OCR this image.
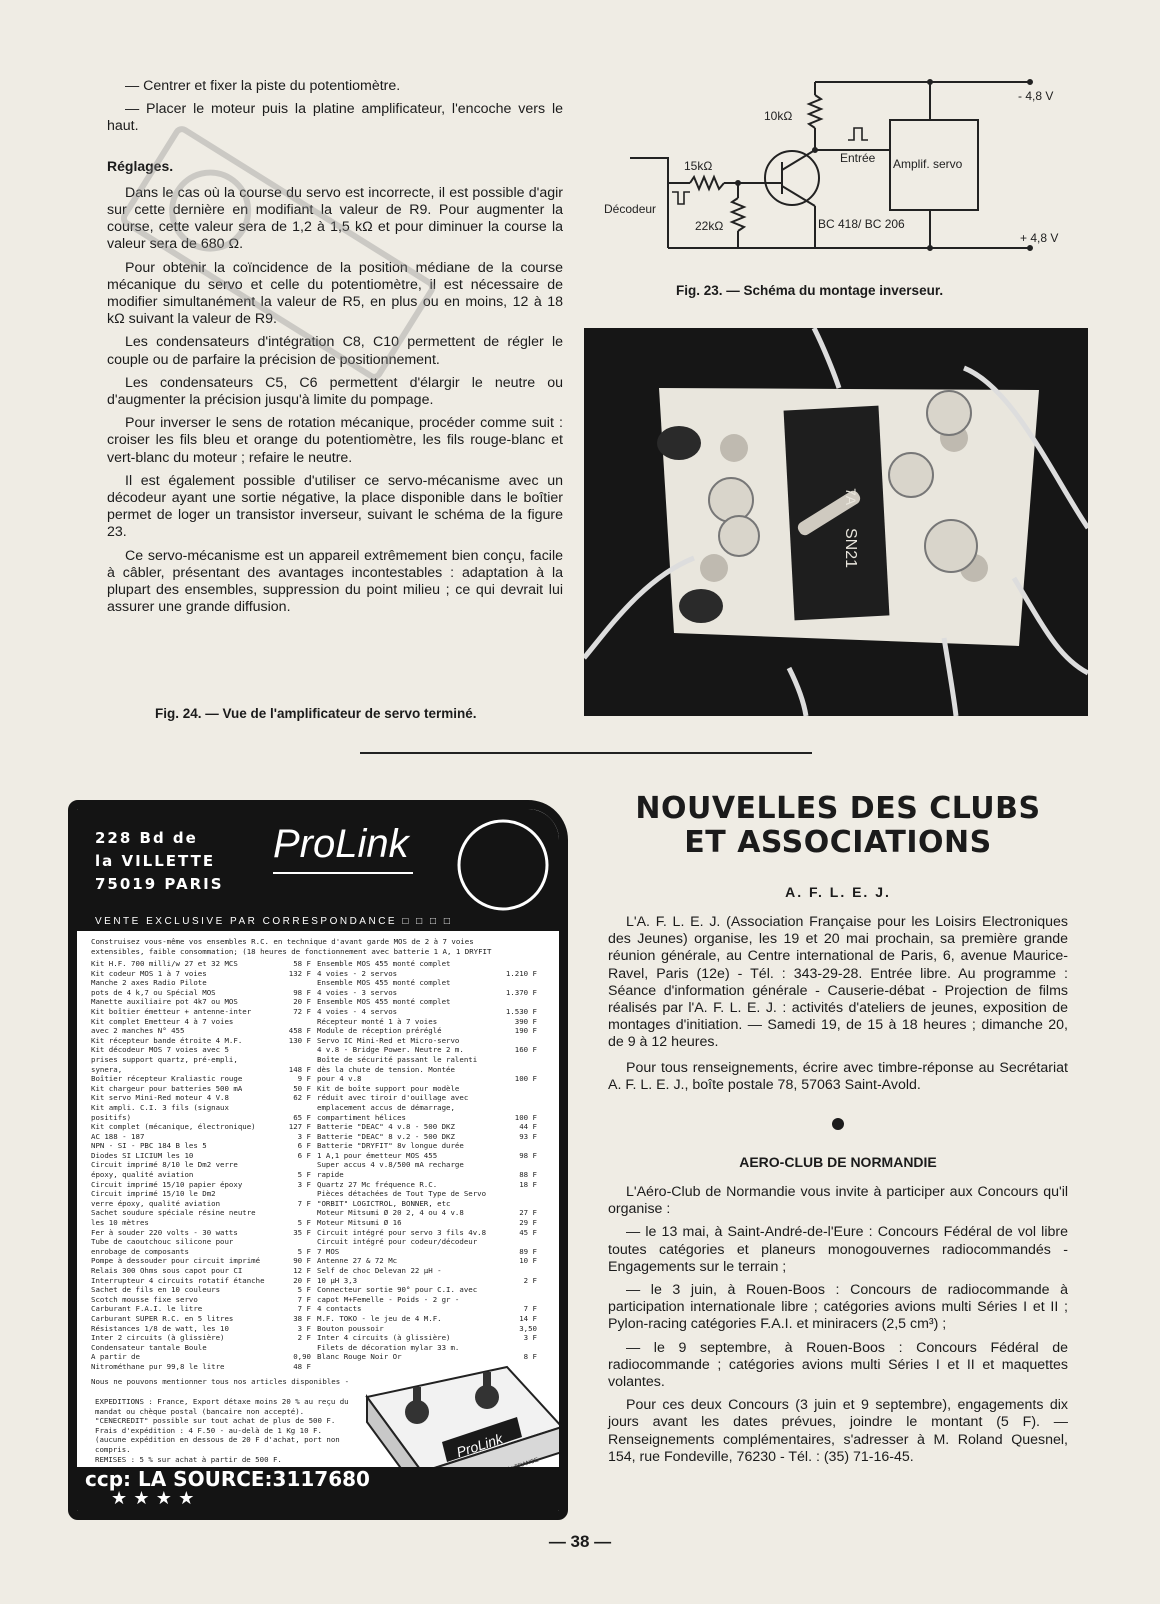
— Centrer et fixer la piste du potentiomètre.

— Placer le moteur puis la platine amplificateur, l'encoche vers le haut.

Réglages.

Dans le cas où la course du servo est incorrecte, il est possible d'agir sur cette dernière en modifiant la valeur de R9. Pour augmenter la course, cette valeur sera de 1,2 à 1,5 kΩ et pour diminuer la course la valeur sera de 680 Ω.

Pour obtenir la coïncidence de la position médiane de la course mécanique du servo et celle du potentiomètre, il est nécessaire de modifier simultanément la valeur de R5, en plus ou en moins, 12 à 18 kΩ suivant la valeur de R9.

Les condensateurs d'intégration C8, C10 permettent de régler le couple ou de parfaire la précision de positionnement.

Les condensateurs C5, C6 permettent d'élargir le neutre ou d'augmenter la précision jusqu'à limite du pompage.

Pour inverser le sens de rotation mécanique, procéder comme suit : croiser les fils bleu et orange du potentiomètre, les fils rouge-blanc et vert-blanc du moteur ; refaire le neutre.

Il est également possible d'utiliser ce servo-mécanisme avec un décodeur ayant une sortie négative, la place disponible dans le boîtier permet de loger un transistor inverseur, suivant le schéma de la figure 23.

Ce servo-mécanisme est un appareil extrêmement bien conçu, facile à câbler, présentant des avantages incontestables : adaptation à la plupart des ensembles, suppression du point milieu ; ce qui devrait lui assurer une grande diffusion.

10kΩ
15kΩ
22kΩ
Décodeur
Entrée Amplif. servo
BC 418/ BC 206
- 4,8 V
+ 4,8 V
Fig. 23. — Schéma du montage inverseur.
SN21
7A
Fig. 24. — Vue de l'amplificateur de servo terminé.
228 Bd de
la VILLETTE
75019 PARIS
ProLink
VENTE EXCLUSIVE PAR CORRESPONDANCE □ □ □ □
Construisez vous-même vos ensembles R.C. en technique d'avant garde MOS de 2 à 7 voies extensibles, faible consommation; (18 heures de fonctionnement avec batterie 1 A, 1 DRYFIT
Kit H.F. 700 milli/w 27 et 32 MCS	58 F
Kit codeur MOS 1 à 7 voies	132 F
Manche 2 axes Radio Pilote
pots de 4 k,7 ou Spécial MOS	98 F
Manette auxiliaire pot 4k7 ou MOS	20 F
Kit boîtier émetteur + antenne-inter	72 F
Kit complet Emetteur 4 à 7 voies
avec 2 manches N° 455	458 F
Kit récepteur bande étroite 4 M.F.	130 F
Kit décodeur MOS 7 voies avec 5
prises support quartz, pré-empli,
synera,	148 F
Boîtier récepteur Kraliastic rouge	9 F
Kit chargeur pour batteries 500 mA	50 F
Kit servo Mini-Red moteur 4 V.8	62 F
Kit ampli. C.I. 3 fils (signaux
positifs)	65 F
Kit complet (mécanique, électronique)	127 F
AC 188 - 187	3 F
NPN - SI - PBC 184 B les 5	6 F
Diodes SI LICIUM les 10	6 F
Circuit imprimé 8/10 le Dm2 verre
époxy, qualité aviation	5 F
Circuit imprimé 15/10 papier époxy	3 F
Circuit imprimé 15/10 le Dm2
verre époxy, qualité aviation	7 F
Sachet soudure spéciale résine neutre
les 10 mètres	5 F
Fer à souder 220 volts - 30 watts	35 F
Tube de caoutchouc silicone pour
enrobage de composants	5 F
Pompe à dessouder pour circuit imprimé	90 F
Relais 300 Ohms sous capot pour CI	12 F
Interrupteur 4 circuits rotatif étanche	20 F
Sachet de fils en 10 couleurs	5 F
Scotch mousse fixe servo	7 F
Carburant F.A.I. le litre	7 F
Carburant SUPER R.C. en 5 litres	38 F
Résistances 1/8 de watt, les 10	3 F
Inter 2 circuits (à glissière)	2 F
Condensateur tantale Boule
A partir de	0,90
Nitrométhane pur 99,8 le litre	48 F
Ensemble MOS 455 monté complet
4 voies - 2 servos	1.210 F
Ensemble MOS 455 monté complet
4 voies - 3 servos	1.370 F
Ensemble MOS 455 monté complet
4 voies - 4 servos	1.530 F
Récepteur monté 1 à 7 voies	390 F
Module de réception préréglé	190 F
Servo IC Mini-Red et Micro-servo
4 v.8 - Bridge Power. Neutre 2 m.	160 F
Boîte de sécurité passant le ralenti
dès la chute de tension. Montée
pour 4 v.8	100 F
Kit de boîte support pour modèle
réduit avec tiroir d'ouillage avec
emplacement accus de démarrage,
compartiment hélices	100 F
Batterie "DEAC" 4 v.8 - 500 DKZ	44 F
Batterie "DEAC" 8 v.2 - 500 DKZ	93 F
Batterie "DRYFIT" 8v longue durée
1 A,1 pour émetteur MOS 455	98 F
Super accus 4 v.8/500 mA recharge
rapide	88 F
Quartz 27 Mc fréquence R.C.	18 F
Pièces détachées de Tout Type de Servo
"ORBIT" LOGICTROL, BONNER, etc
Moteur Mitsumi Ø 20 2, 4 ou 4 v.8	27 F
Moteur Mitsumi Ø 16	29 F
Circuit intégré pour servo 3 fils 4v.8	45 F
Circuit intégré pour codeur/décodeur
7 MOS	89 F
Antenne 27 & 72 Mc	10 F
Self de choc Delevan 22 µH -
10 µH 3,3	2 F
Connecteur sortie 90° pour C.I. avec
capot M+Femelle - Poids - 2 gr -
4 contacts	7 F
M.F. TOKO - le jeu de 4 M.F.	14 F
Bouton poussoir	3,50
Inter 4 circuits (à glissière)	3 F
Filets de décoration mylar 33 m.
Blanc Rouge Noir Or	8 F
Nous ne pouvons mentionner tous nos articles disponibles -
EXPEDITIONS : France, Export détaxe moins 20 % au reçu du mandat ou chèque postal (bancaire non accepté).
"CENECREDIT" possible sur tout achat de plus de 500 F.
Frais d'expédition : 4 F.50 - au-delà de 1 Kg 10 F. (aucune expédition en dessous de 20 F d'achat, port non compris.
REMISES : 5 % sur achat à partir de 500 F.	ProLink
ccp: LA SOURCE:3117680
★ ★ ★ ★
NOUVELLES DES CLUBS
ET ASSOCIATIONS
A. F. L. E. J.

L'A. F. L. E. J. (Association Française pour les Loisirs Electroniques des Jeunes) organise, les 19 et 20 mai prochain, sa première grande réunion générale, au Centre international de Paris, 6, avenue Maurice-Ravel, Paris (12e) - Tél. : 343-29-28. Entrée libre. Au programme : Séance d'information générale - Causerie-débat - Projection de films réalisés par l'A. F. L. E. J. : activités d'ateliers de jeunes, exposition de montages d'initiation. — Samedi 19, de 15 à 18 heures ; dimanche 20, de 9 à 12 heures.

Pour tous renseignements, écrire avec timbre-réponse au Secrétariat A. F. L. E. J., boîte postale 78, 57063 Saint-Avold.

AERO-CLUB DE NORMANDIE

L'Aéro-Club de Normandie vous invite à participer aux Concours qu'il organise :

— le 13 mai, à Saint-André-de-l'Eure : Concours Fédéral de vol libre toutes catégories et planeurs monogouvernes radiocommandés - Engagements sur le terrain ;

— le 3 juin, à Rouen-Boos : Concours de radiocommande à participation internationale libre ; catégories avions multi Séries I et II ; Pylon-racing catégories F.A.I. et miniracers (2,5 cm³) ;

— le 9 septembre, à Rouen-Boos : Concours Fédéral de radiocommande ; catégories avions multi Séries I et II et maquettes volantes.

Pour ces deux Concours (3 juin et 9 septembre), engagements dix jours avant les dates prévues, joindre le montant (5 F). — Renseignements complémentaires, s'adresser à M. Roland Quesnel, 154, rue Fondeville, 76230 - Tél. : (35) 71-16-45.

— 38 —
